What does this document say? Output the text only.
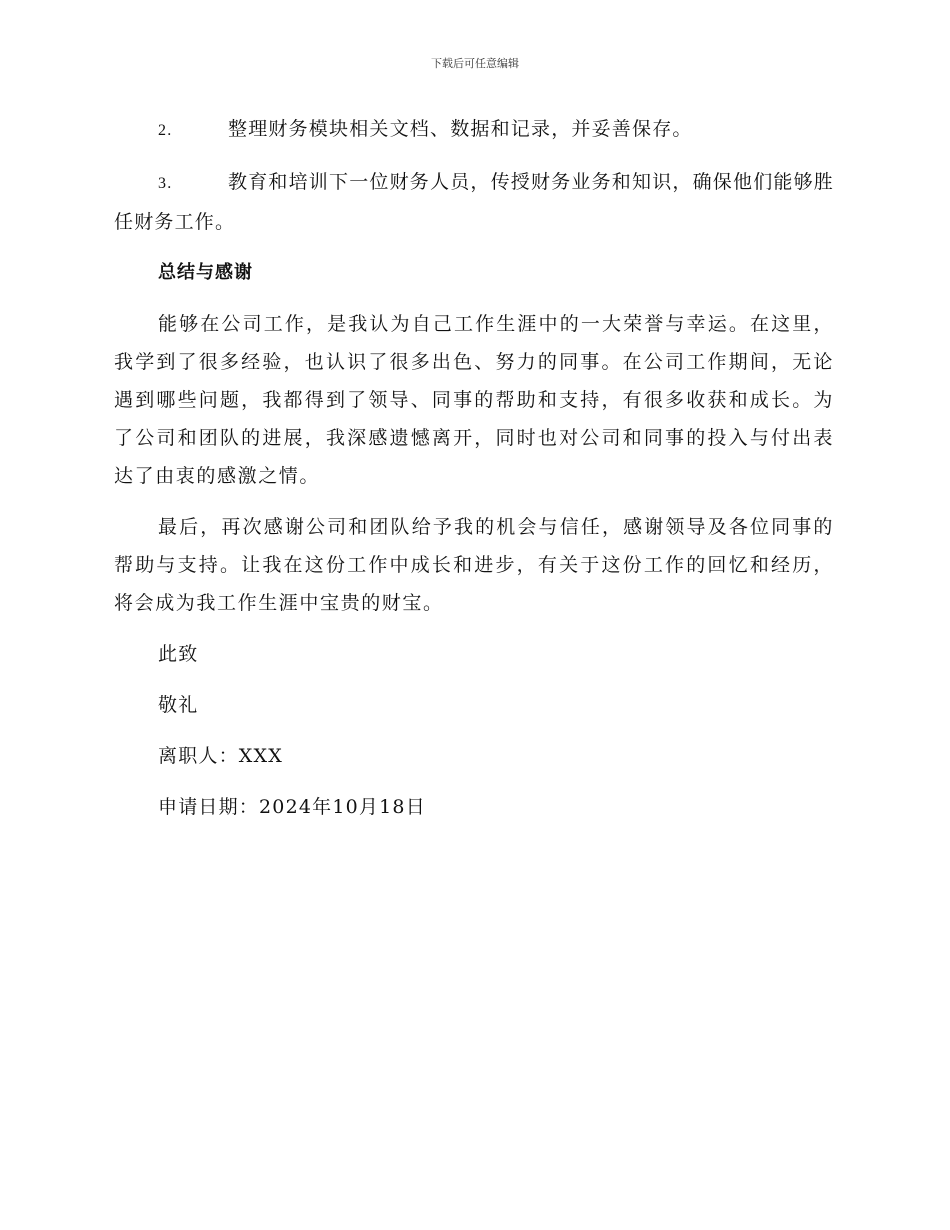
下载后可任意编辑

2.	整理财务模块相关文档、数据和记录，并妥善保存。

3.	教育和培训下一位财务人员，传授财务业务和知识，确保他们能够胜任财务工作。

总结与感谢

能够在公司工作，是我认为自己工作生涯中的一大荣誉与幸运。在这里，我学到了很多经验，也认识了很多出色、努力的同事。在公司工作期间，无论遇到哪些问题，我都得到了领导、同事的帮助和支持，有很多收获和成长。为了公司和团队的进展，我深感遗憾离开，同时也对公司和同事的投入与付出表达了由衷的感激之情。

最后，再次感谢公司和团队给予我的机会与信任，感谢领导及各位同事的帮助与支持。让我在这份工作中成长和进步，有关于这份工作的回忆和经历，将会成为我工作生涯中宝贵的财宝。

此致

敬礼

离职人：XXX

申请日期：2024年10月18日
